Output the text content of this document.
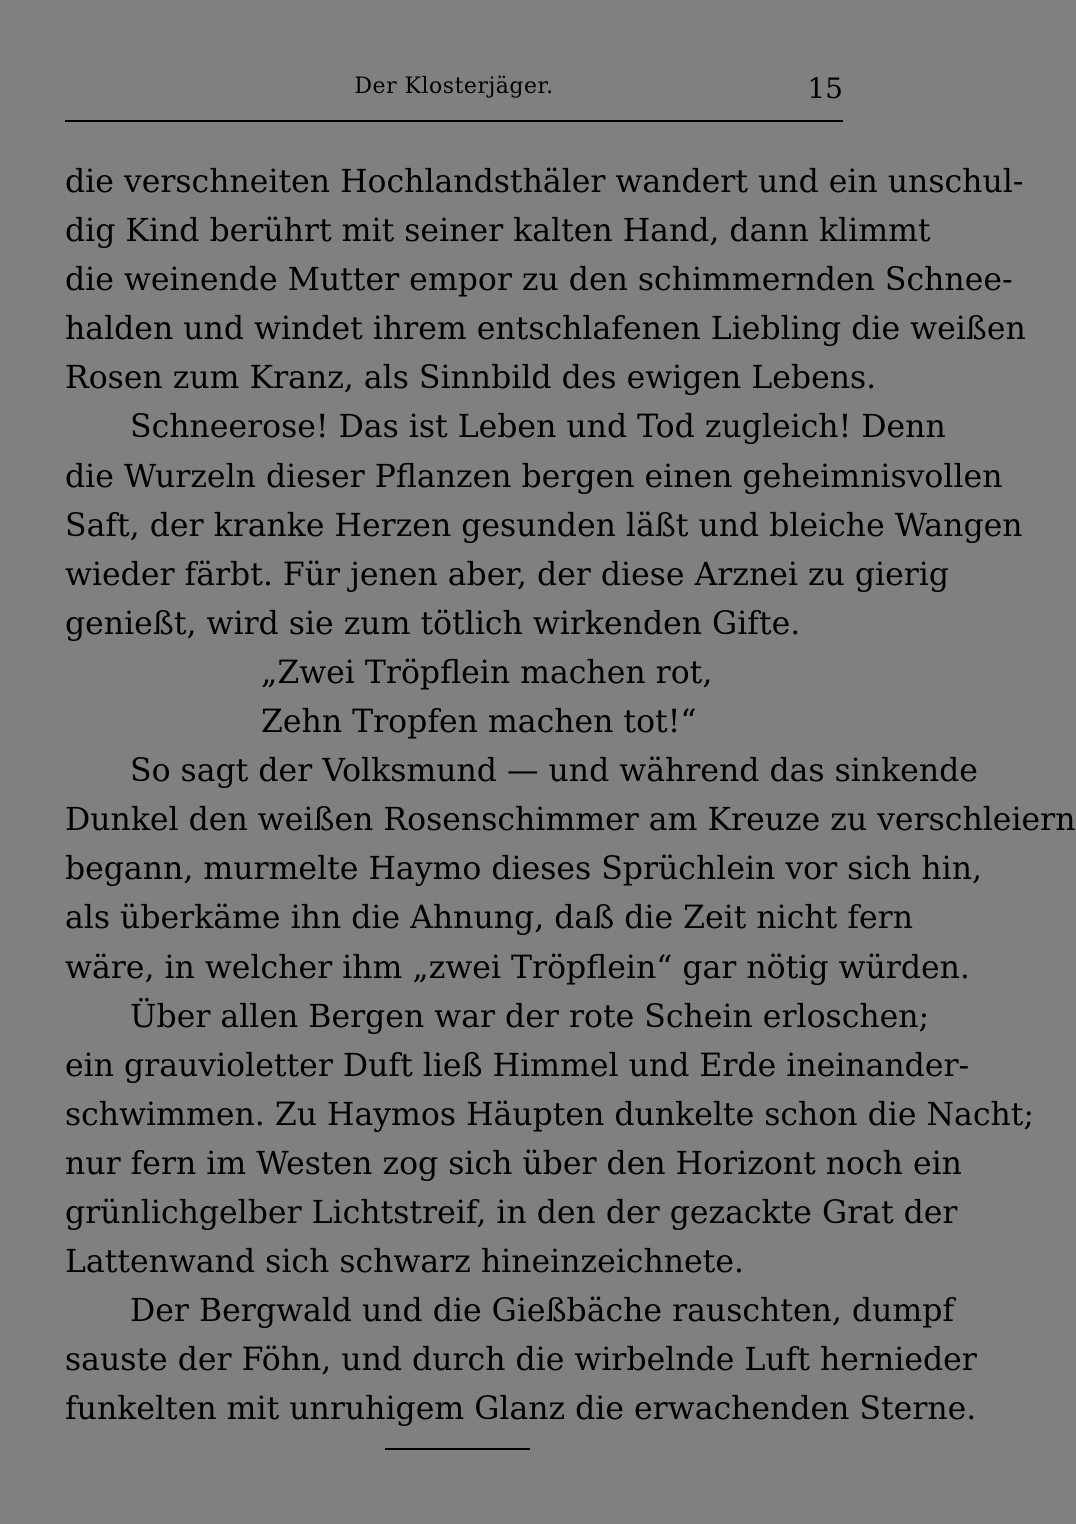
Der Klosterjäger.	15
die verschneiten Hochlandsthäler wandert und ein unschul-
dig Kind berührt mit seiner kalten Hand, dann klimmt
die weinende Mutter empor zu den schimmernden Schnee-
halden und windet ihrem entschlafenen Liebling die weißen
Rosen zum Kranz, als Sinnbild des ewigen Lebens.
Schneerose! Das ist Leben und Tod zugleich! Denn
die Wurzeln dieser Pflanzen bergen einen geheimnisvollen
Saft, der kranke Herzen gesunden läßt und bleiche Wangen
wieder färbt. Für jenen aber, der diese Arznei zu gierig
genießt, wird sie zum tötlich wirkenden Gifte.
„Zwei Tröpflein machen rot,
Zehn Tropfen machen tot!“
So sagt der Volksmund — und während das sinkende
Dunkel den weißen Rosenschimmer am Kreuze zu verschleiern
begann, murmelte Haymo dieses Sprüchlein vor sich hin,
als überkäme ihn die Ahnung, daß die Zeit nicht fern
wäre, in welcher ihm „zwei Tröpflein“ gar nötig würden.
Über allen Bergen war der rote Schein erloschen;
ein grauvioletter Duft ließ Himmel und Erde ineinander-
schwimmen. Zu Haymos Häupten dunkelte schon die Nacht;
nur fern im Westen zog sich über den Horizont noch ein
grünlichgelber Lichtstreif, in den der gezackte Grat der
Lattenwand sich schwarz hineinzeichnete.
Der Bergwald und die Gießbäche rauschten, dumpf
sauste der Föhn, und durch die wirbelnde Luft hernieder
funkelten mit unruhigem Glanz die erwachenden Sterne.
